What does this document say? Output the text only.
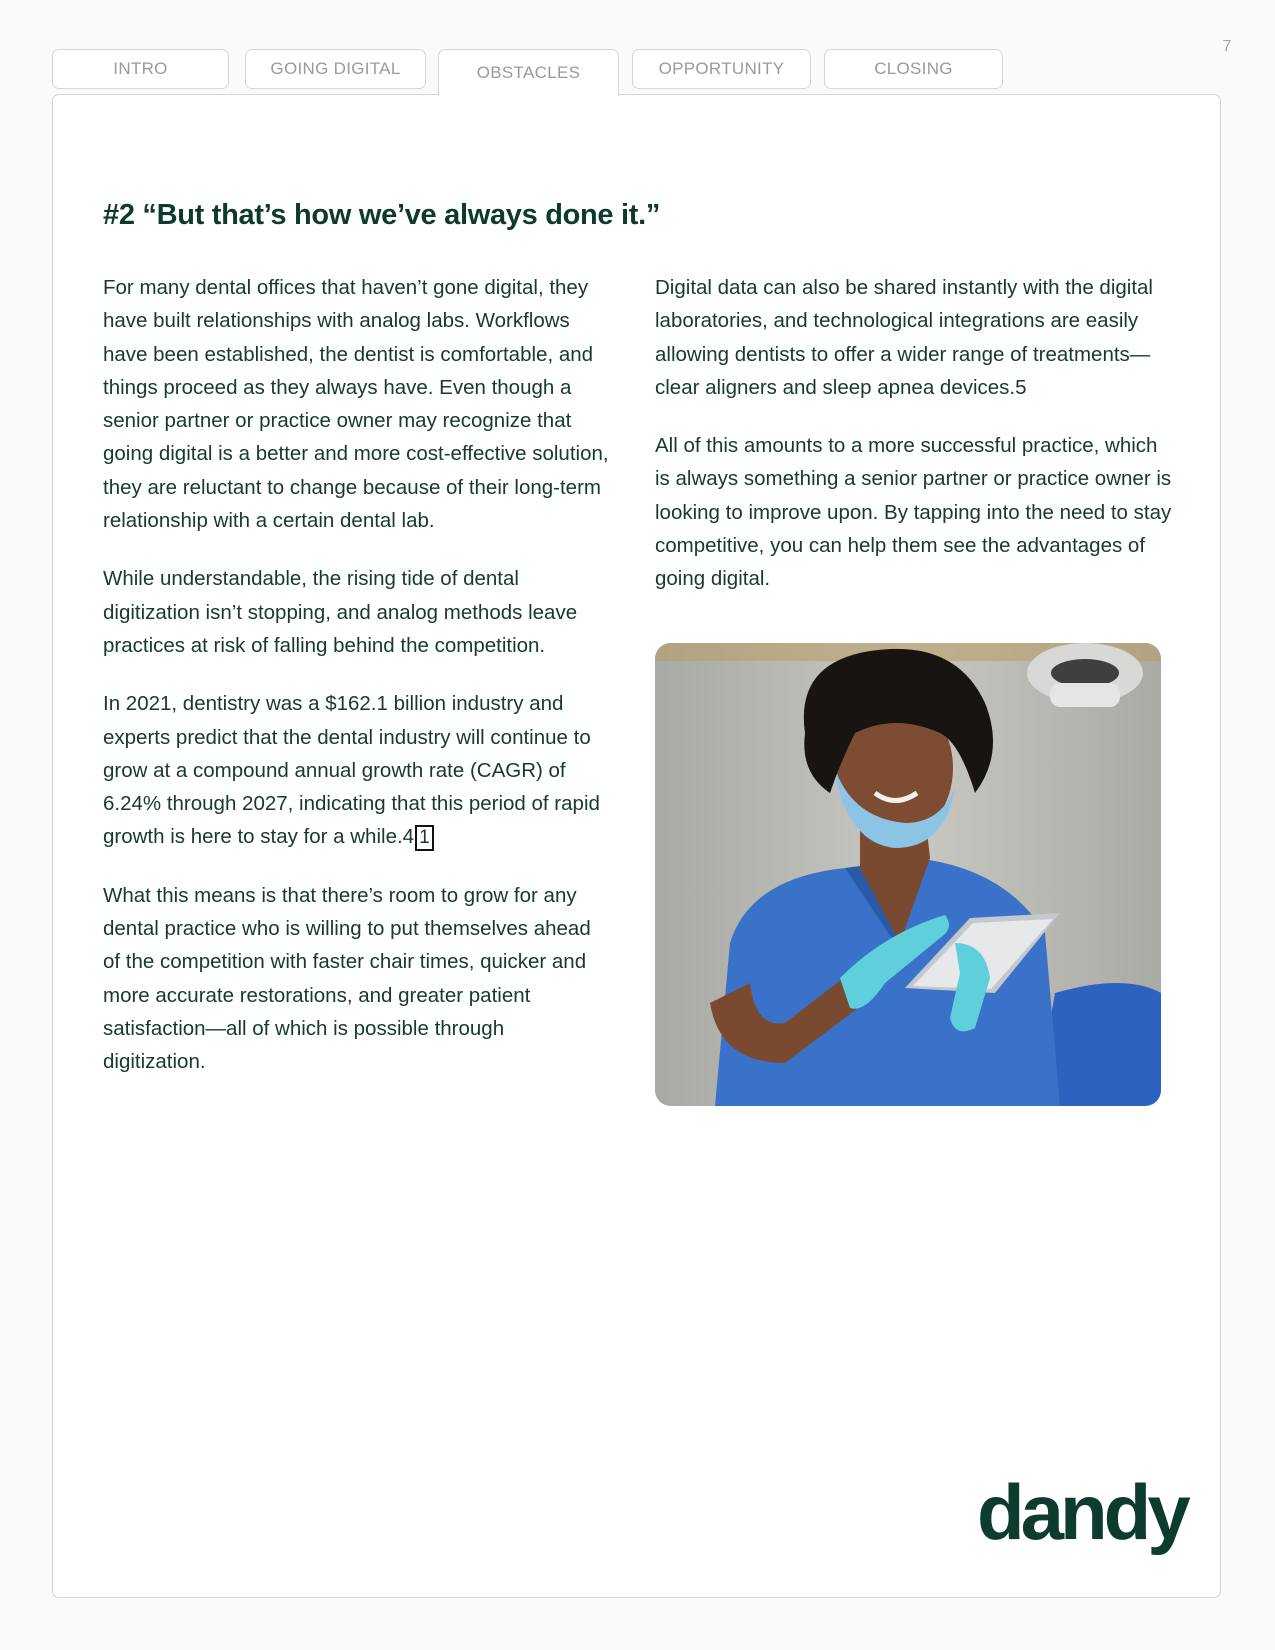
7
INTRO	GOING DIGITAL	OBSTACLES	OPPORTUNITY	CLOSING
#2 “But that’s how we’ve always done it.”

For many dental offices that haven’t gone digital, they have built relationships with analog labs. Workflows have been established, the dentist is comfortable, and things proceed as they always have. Even though a senior partner or practice owner may recognize that going digital is a better and more cost-effective solution, they are reluctant to change because of their long-term relationship with a certain dental lab.

While understandable, the rising tide of dental digitization isn’t stopping, and analog methods leave practices at risk of falling behind the competition.

In 2021, dentistry was a $162.1 billion industry and experts predict that the dental industry will continue to grow at a compound annual growth rate (CAGR) of 6.24% through 2027, indicating that this period of rapid growth is here to stay for a while.4 1

What this means is that there’s room to grow for any dental practice who is willing to put themselves ahead of the competition with faster chair times, quicker and more accurate restorations, and greater patient satisfaction—all of which is possible through digitization.

Digital data can also be shared instantly with the digital laboratories, and technological integrations are easily allowing dentists to offer a wider range of treatments—clear aligners and sleep apnea devices.5

All of this amounts to a more successful practice, which is always something a senior partner or practice owner is looking to improve upon. By tapping into the need to stay competitive, you can help them see the advantages of going digital.

dandy
